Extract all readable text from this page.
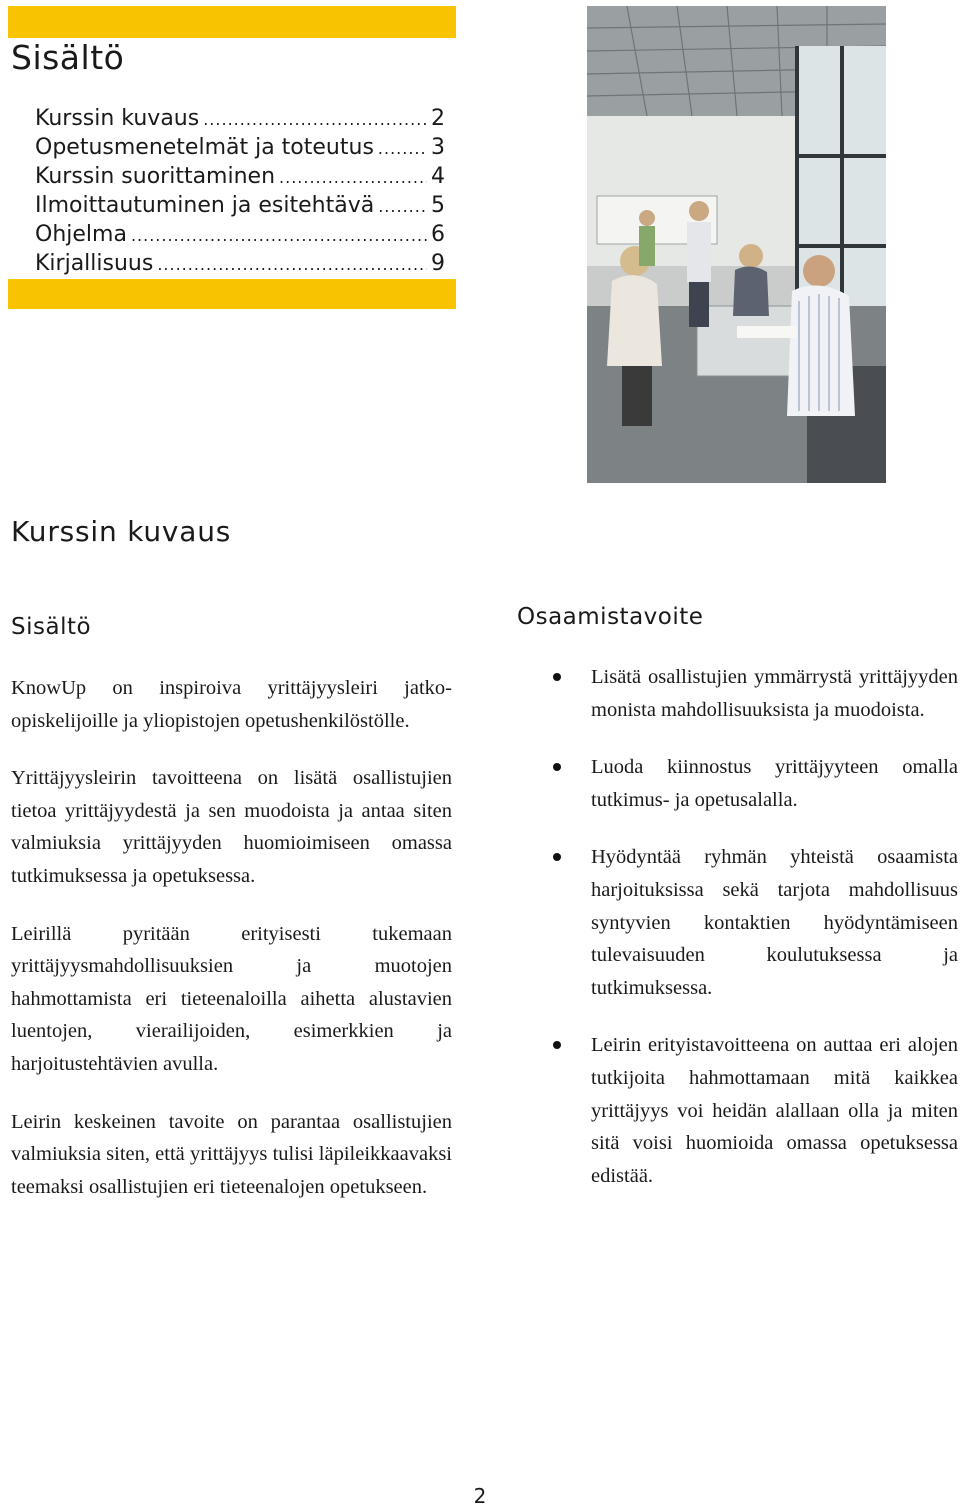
Sisältö
Kurssin kuvaus .....	2
Opetusmenetelmät ja toteutus .....	3
Kurssin suorittaminen .....	4
Ilmoittautuminen ja esitehtävä .....	5
Ohjelma .....	6
Kirjallisuus .....	9
Kurssin kuvaus
Sisältö	Osaamistavoite

KnowUp on inspiroiva yrittäjyysleiri jatkoopiskelijoille ja yliopistojen opetushenkilöstölle.

Yrittäjyysleirin tavoitteena on lisätä osallistujien tietoa yrittäjyydestä ja sen muodoista ja antaa siten valmiuksia yrittäjyyden huomioimiseen omassa tutkimuksessa ja opetuksessa.

Leirillä pyritään erityisesti tukemaan yrittäjyysmahdollisuuksien ja muotojen hahmottamista eri tieteenaloilla aihetta alustavien luentojen, vierailijoiden, esimerkkien ja harjoitustehtävien avulla.

Leirin keskeinen tavoite on parantaa osallistujien valmiuksia siten, että yrittäjyys tulisi läpileikkaavaksi teemaksi osallistujien eri tieteenalojen opetukseen.

Lisätä osallistujien ymmärrystä yrittäjyyden monista mahdollisuuksista ja muodoista.
Luoda kiinnostus yrittäjyyteen omalla tutkimus- ja opetusalalla.
Hyödyntää ryhmän yhteistä osaamista harjoituksissa sekä tarjota mahdollisuus syntyvien kontaktien hyödyntämiseen tulevaisuuden koulutuksessa ja tutkimuksessa.
Leirin erityistavoitteena on auttaa eri alojen tutkijoita hahmottamaan mitä kaikkea yrittäjyys voi heidän alallaan olla ja miten sitä voisi huomioida omassa opetuksessa edistää.
2
